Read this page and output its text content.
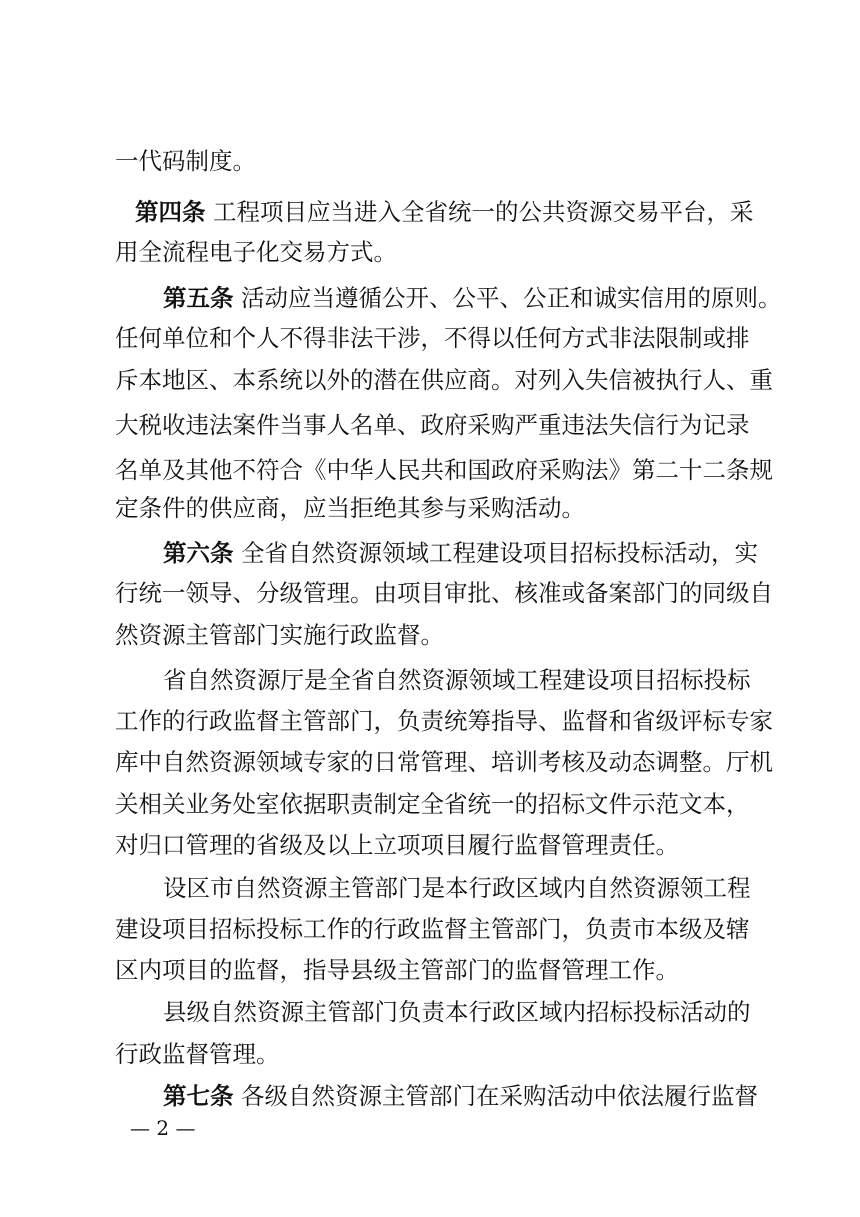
一代码制度。
第四条 工程项目应当进入全省统一的公共资源交易平台，采
用全流程电子化交易方式。
第五条 活动应当遵循公开、公平、公正和诚实信用的原则。
任何单位和个人不得非法干涉，不得以任何方式非法限制或排
斥本地区、本系统以外的潜在供应商。对列入失信被执行人、重
大税收违法案件当事人名单、政府采购严重违法失信行为记录
名单及其他不符合《中华人民共和国政府采购法》第二十二条规
定条件的供应商，应当拒绝其参与采购活动。
第六条 全省自然资源领域工程建设项目招标投标活动，实
行统一领导、分级管理。由项目审批、核准或备案部门的同级自
然资源主管部门实施行政监督。
省自然资源厅是全省自然资源领域工程建设项目招标投标
工作的行政监督主管部门，负责统筹指导、监督和省级评标专家
库中自然资源领域专家的日常管理、培训考核及动态调整。厅机
关相关业务处室依据职责制定全省统一的招标文件示范文本，
对归口管理的省级及以上立项项目履行监督管理责任。
设区市自然资源主管部门是本行政区域内自然资源领工程
建设项目招标投标工作的行政监督主管部门，负责市本级及辖
区内项目的监督，指导县级主管部门的监督管理工作。
县级自然资源主管部门负责本行政区域内招标投标活动的
行政监督管理。
第七条 各级自然资源主管部门在采购活动中依法履行监督
— 2 —
